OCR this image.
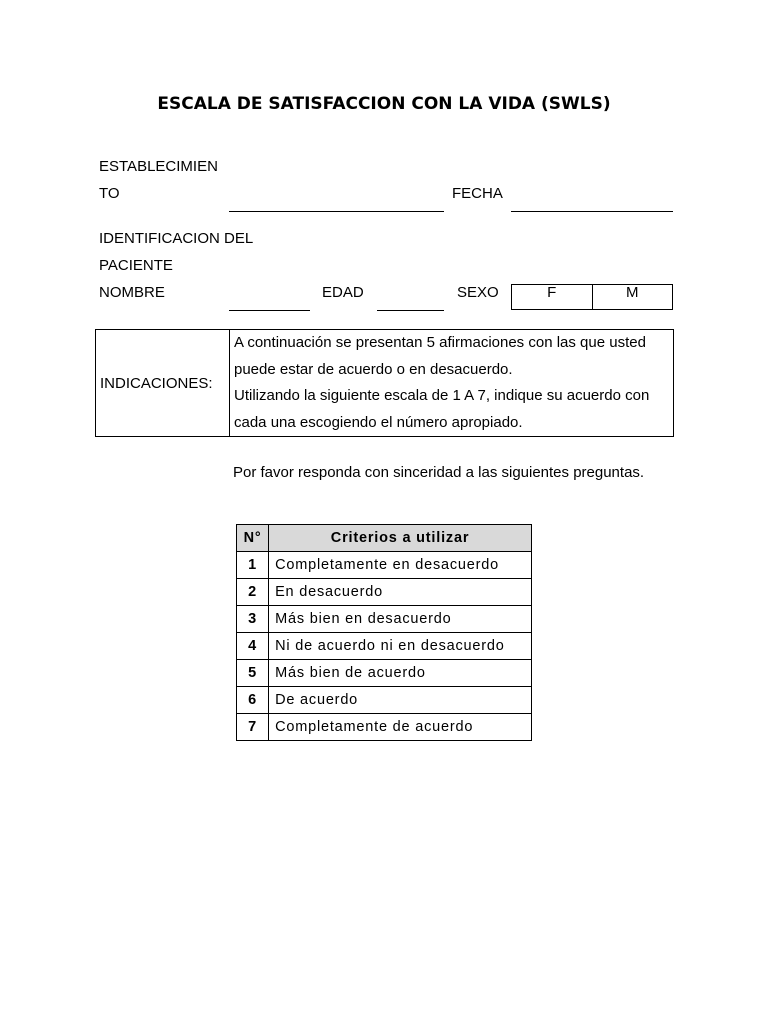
ESCALA DE SATISFACCION CON LA VIDA (SWLS)
ESTABLECIMIEN
TO	FECHA
IDENTIFICACION DEL
PACIENTE
NOMBRE	EDAD	SEXO	F	M
INDICACIONES:

A continuación se presentan 5 afirmaciones con las que usted puede estar de acuerdo o en desacuerdo.

Utilizando la siguiente escala de 1 A 7, indique su acuerdo con cada una escogiendo el número apropiado.

Por favor responda con sinceridad a las siguientes preguntas.
N°	Criterios a utilizar
1	Completamente en desacuerdo
2	En desacuerdo
3	Más bien en desacuerdo
4	Ni de acuerdo ni en desacuerdo
5	Más bien de acuerdo
6	De acuerdo
7	Completamente de acuerdo
